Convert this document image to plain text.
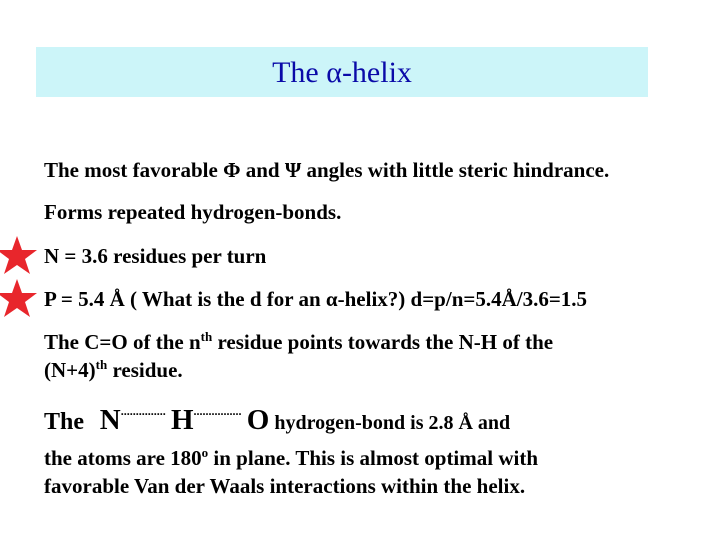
The α-helix
The most favorable Φ and Ψ angles with little steric hindrance.
Forms repeated hydrogen-bonds.
N = 3.6 residues per turn
P = 5.4 Å ( What is the d for an α-helix?) d=p/n=5.4Å/3.6=1.5
The C=O of the $n^{th}$ residue points towards the N-H of the
$(N+4)^{th}$ residue.
The N............... H................ O hydrogen-bond is 2.8 Å and
the atoms are 180$^o$ in plane. This is almost optimal with
favorable Van der Waals interactions within the helix.
